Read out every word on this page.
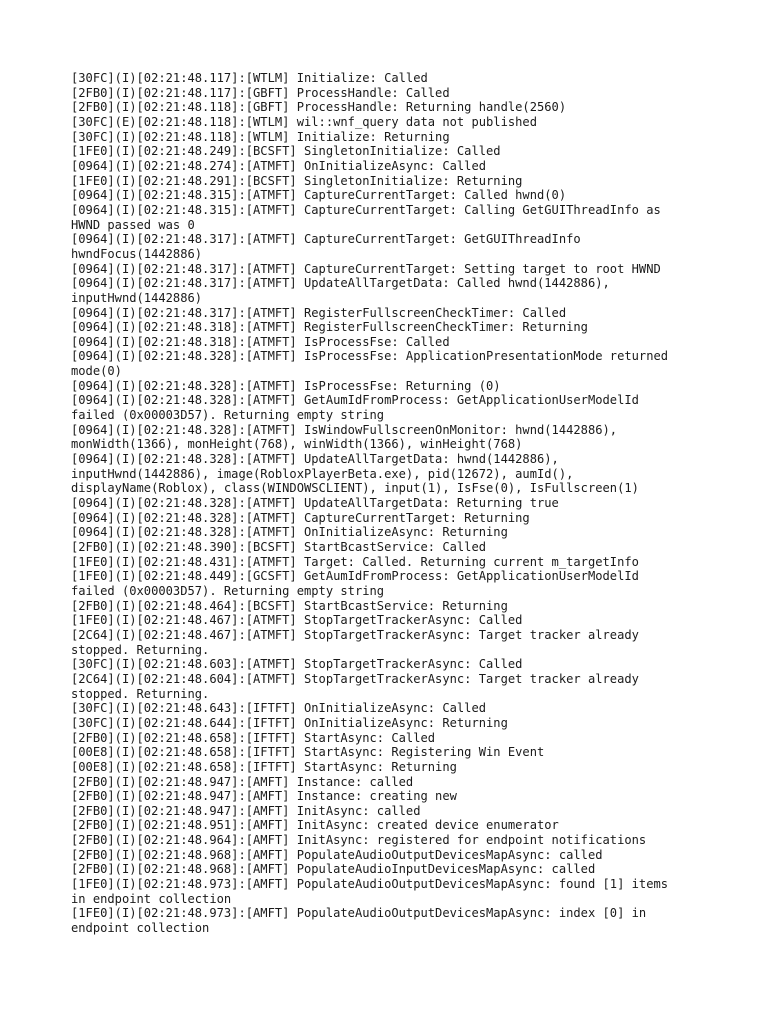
[30FC](I)[02:21:48.117]:[WTLM] Initialize: Called
[2FB0](I)[02:21:48.117]:[GBFT] ProcessHandle: Called
[2FB0](I)[02:21:48.118]:[GBFT] ProcessHandle: Returning handle(2560)
[30FC](E)[02:21:48.118]:[WTLM] wil::wnf_query data not published
[30FC](I)[02:21:48.118]:[WTLM] Initialize: Returning
[1FE0](I)[02:21:48.249]:[BCSFT] SingletonInitialize: Called
[0964](I)[02:21:48.274]:[ATMFT] OnInitializeAsync: Called
[1FE0](I)[02:21:48.291]:[BCSFT] SingletonInitialize: Returning
[0964](I)[02:21:48.315]:[ATMFT] CaptureCurrentTarget: Called hwnd(0)
[0964](I)[02:21:48.315]:[ATMFT] CaptureCurrentTarget: Calling GetGUIThreadInfo as
HWND passed was 0
[0964](I)[02:21:48.317]:[ATMFT] CaptureCurrentTarget: GetGUIThreadInfo
hwndFocus(1442886)
[0964](I)[02:21:48.317]:[ATMFT] CaptureCurrentTarget: Setting target to root HWND
[0964](I)[02:21:48.317]:[ATMFT] UpdateAllTargetData: Called hwnd(1442886),
inputHwnd(1442886)
[0964](I)[02:21:48.317]:[ATMFT] RegisterFullscreenCheckTimer: Called
[0964](I)[02:21:48.318]:[ATMFT] RegisterFullscreenCheckTimer: Returning
[0964](I)[02:21:48.318]:[ATMFT] IsProcessFse: Called
[0964](I)[02:21:48.328]:[ATMFT] IsProcessFse: ApplicationPresentationMode returned
mode(0)
[0964](I)[02:21:48.328]:[ATMFT] IsProcessFse: Returning (0)
[0964](I)[02:21:48.328]:[ATMFT] GetAumIdFromProcess: GetApplicationUserModelId
failed (0x00003D57). Returning empty string
[0964](I)[02:21:48.328]:[ATMFT] IsWindowFullscreenOnMonitor: hwnd(1442886),
monWidth(1366), monHeight(768), winWidth(1366), winHeight(768)
[0964](I)[02:21:48.328]:[ATMFT] UpdateAllTargetData: hwnd(1442886),
inputHwnd(1442886), image(RobloxPlayerBeta.exe), pid(12672), aumId(),
displayName(Roblox), class(WINDOWSCLIENT), input(1), IsFse(0), IsFullscreen(1)
[0964](I)[02:21:48.328]:[ATMFT] UpdateAllTargetData: Returning true
[0964](I)[02:21:48.328]:[ATMFT] CaptureCurrentTarget: Returning
[0964](I)[02:21:48.328]:[ATMFT] OnInitializeAsync: Returning
[2FB0](I)[02:21:48.390]:[BCSFT] StartBcastService: Called
[1FE0](I)[02:21:48.431]:[ATMFT] Target: Called. Returning current m_targetInfo
[1FE0](I)[02:21:48.449]:[GCSFT] GetAumIdFromProcess: GetApplicationUserModelId
failed (0x00003D57). Returning empty string
[2FB0](I)[02:21:48.464]:[BCSFT] StartBcastService: Returning
[1FE0](I)[02:21:48.467]:[ATMFT] StopTargetTrackerAsync: Called
[2C64](I)[02:21:48.467]:[ATMFT] StopTargetTrackerAsync: Target tracker already
stopped. Returning.
[30FC](I)[02:21:48.603]:[ATMFT] StopTargetTrackerAsync: Called
[2C64](I)[02:21:48.604]:[ATMFT] StopTargetTrackerAsync: Target tracker already
stopped. Returning.
[30FC](I)[02:21:48.643]:[IFTFT] OnInitializeAsync: Called
[30FC](I)[02:21:48.644]:[IFTFT] OnInitializeAsync: Returning
[2FB0](I)[02:21:48.658]:[IFTFT] StartAsync: Called
[00E8](I)[02:21:48.658]:[IFTFT] StartAsync: Registering Win Event
[00E8](I)[02:21:48.658]:[IFTFT] StartAsync: Returning
[2FB0](I)[02:21:48.947]:[AMFT] Instance: called
[2FB0](I)[02:21:48.947]:[AMFT] Instance: creating new
[2FB0](I)[02:21:48.947]:[AMFT] InitAsync: called
[2FB0](I)[02:21:48.951]:[AMFT] InitAsync: created device enumerator
[2FB0](I)[02:21:48.964]:[AMFT] InitAsync: registered for endpoint notifications
[2FB0](I)[02:21:48.968]:[AMFT] PopulateAudioOutputDevicesMapAsync: called
[2FB0](I)[02:21:48.968]:[AMFT] PopulateAudioInputDevicesMapAsync: called
[1FE0](I)[02:21:48.973]:[AMFT] PopulateAudioOutputDevicesMapAsync: found [1] items
in endpoint collection
[1FE0](I)[02:21:48.973]:[AMFT] PopulateAudioOutputDevicesMapAsync: index [0] in
endpoint collection
